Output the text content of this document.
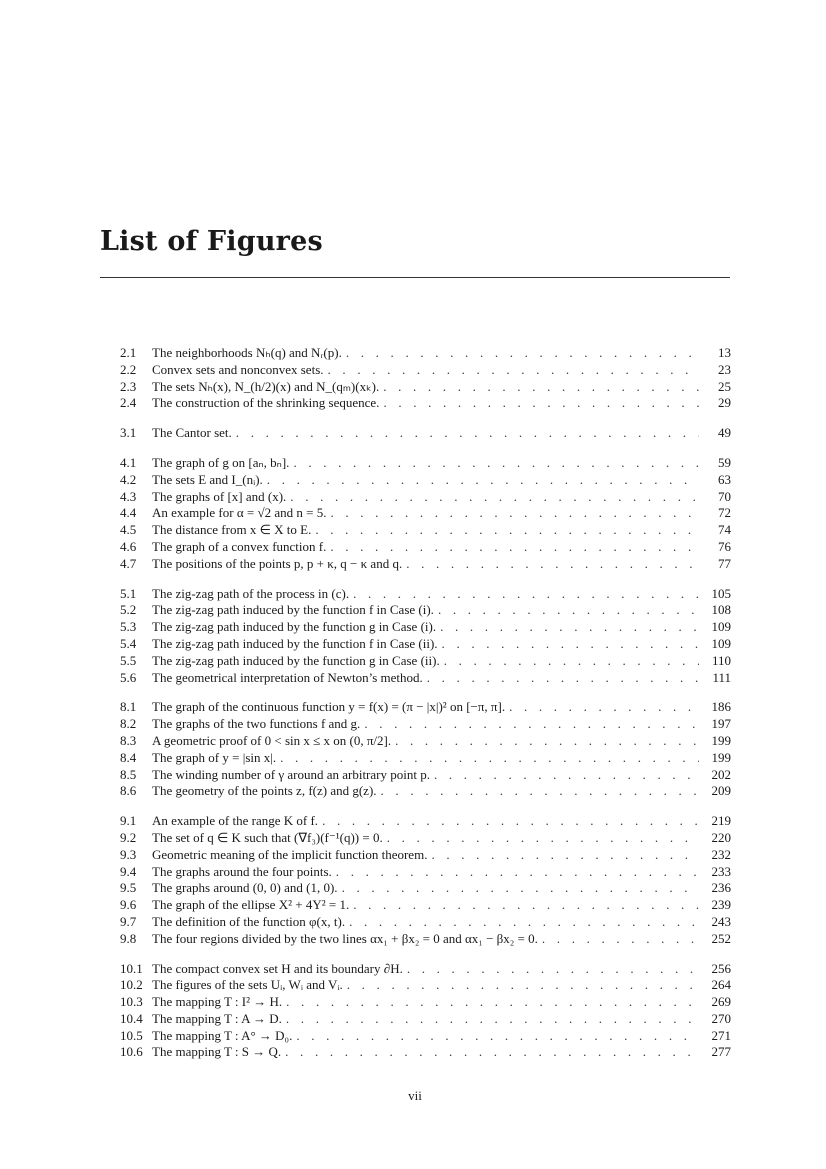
List of Figures
2.1	The neighborhoods Nₕ(q) and Nᵣ(p). . . .	13
2.2	Convex sets and nonconvex sets. . . .	23
2.3	The sets Nₕ(x), N_(h/2)(x) and N_(qₘ)(xₖ). . . .	25
2.4	The construction of the shrinking sequence. . . .	29
3.1	The Cantor set. . . .	49
4.1	The graph of g on [aₙ, bₙ]. . . .	59
4.2	The sets E and I_(nᵢ). . . .	63
4.3	The graphs of [x] and (x). . . .	70
4.4	An example for α = √2 and n = 5. . . .	72
4.5	The distance from x ∈ X to E. . . .	74
4.6	The graph of a convex function f. . . .	76
4.7	The positions of the points p, p + κ, q − κ and q. . . .	77
5.1	The zig-zag path of the process in (c). . . .	105
5.2	The zig-zag path induced by the function f in Case (i). . . .	108
5.3	The zig-zag path induced by the function g in Case (i). . . .	109
5.4	The zig-zag path induced by the function f in Case (ii). . . .	109
5.5	The zig-zag path induced by the function g in Case (ii). . . .	110
5.6	The geometrical interpretation of Newton’s method. . . .	111
8.1	The graph of the continuous function y = f(x) = (π − |x|)² on [−π, π]. . . .	186
8.2	The graphs of the two functions f and g. . . .	197
8.3	A geometric proof of 0 < sin x ≤ x on (0, π/2]. . . .	199
8.4	The graph of y = |sin x|. . . .	199
8.5	The winding number of γ around an arbitrary point p. . . .	202
8.6	The geometry of the points z, f(z) and g(z). . . .	209
9.1	An example of the range K of f. . . .	219
9.2	The set of q ∈ K such that (∇f₃)(f⁻¹(q)) = 0. . . .	220
9.3	Geometric meaning of the implicit function theorem. . . .	232
9.4	The graphs around the four points. . . .	233
9.5	The graphs around (0, 0) and (1, 0). . . .	236
9.6	The graph of the ellipse X² + 4Y² = 1. . . .	239
9.7	The definition of the function φ(x, t). . . .	243
9.8	The four regions divided by the two lines αx₁ + βx₂ = 0 and αx₁ − βx₂ = 0. . . .	252
10.1 The compact convex set H and its boundary ∂H. . . .	256
10.2 The figures of the sets Uᵢ, Wᵢ and Vᵢ. . . .	264
10.3 The mapping T : I² → H. . . .	269
10.4 The mapping T : A → D. . . .	270
10.5 The mapping T : A° → D₀. . . .	271
10.6 The mapping T : S → Q. . . .	277
vii
